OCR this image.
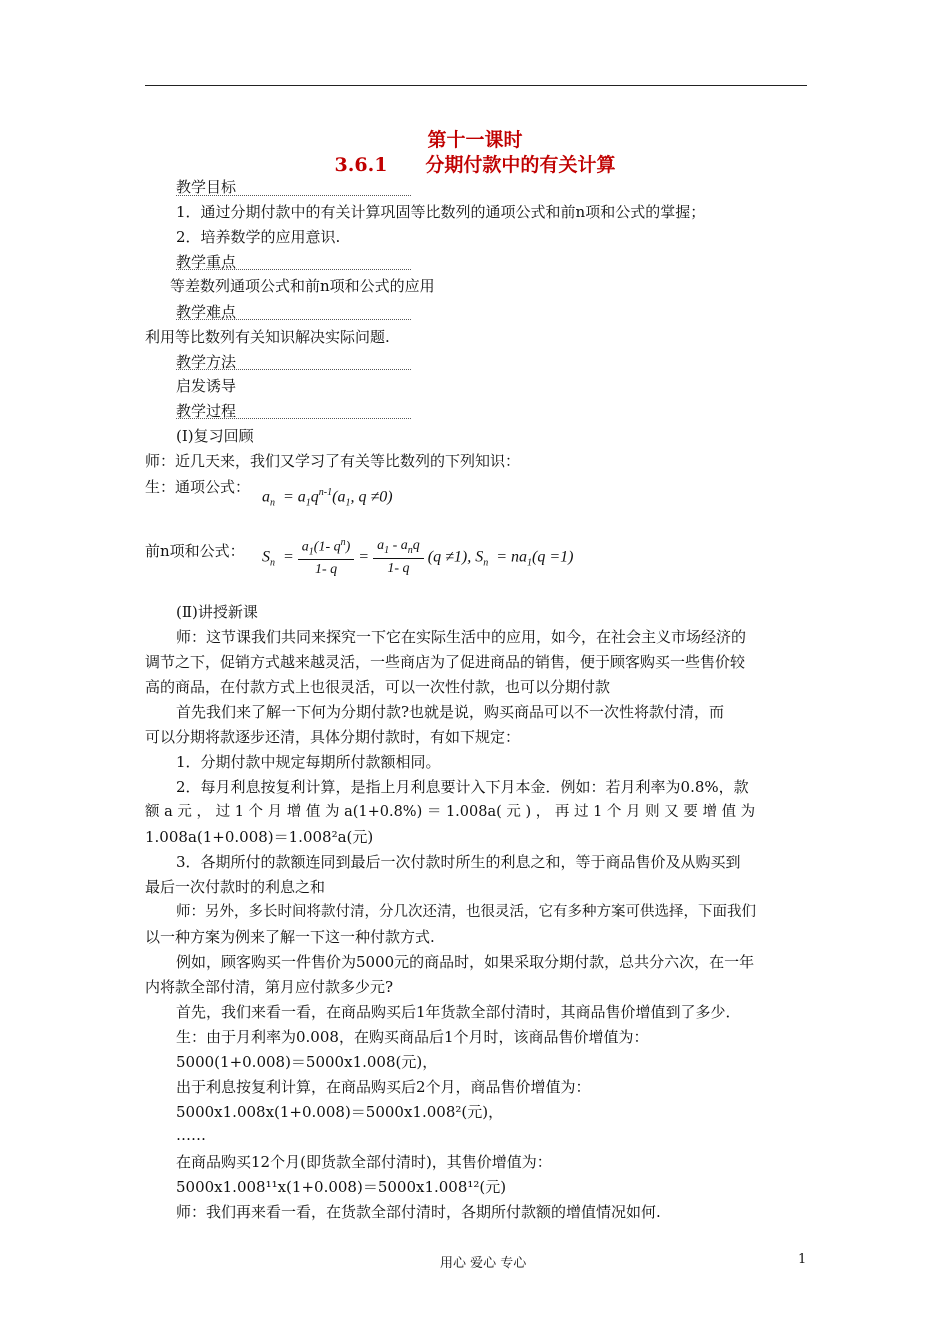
第十一课时
3.6.1　　分期付款中的有关计算
教学目标
1．通过分期付款中的有关计算巩固等比数列的通项公式和前n项和公式的掌握；
2．培养数学的应用意识.
教学重点
等差数列通项公式和前n项和公式的应用
教学难点
利用等比数列有关知识解决实际问题.
教学方法
启发诱导
教学过程
(Ⅰ)复习回顾
师：近几天来，我们又学习了有关等比数列的下列知识：
生：通项公式：
$a_n = a_1q^{n-1}(a_1$, q ≠0)
前n项和公式： $S_n = \frac{a_1(1- q^n)}{1- q} = \frac{a_1 - a_nq}{1- q} (q \ne 1)$, $S_n = na_1(q =1)$
(Ⅱ)讲授新课
师：这节课我们共同来探究一下它在实际生活中的应用，如今，在社会主义市场经济的
调节之下，促销方式越来越灵活，一些商店为了促进商品的销售，便于顾客购买一些售价较
高的商品，在付款方式上也很灵活，可以一次性付款，也可以分期付款
首先我们来了解一下何为分期付款?也就是说，购买商品可以不一次性将款付清，而
可以分期将款逐步还清，具体分期付款时，有如下规定：
1．分期付款中规定每期所付款额相同。
2．每月利息按复利计算，是指上月利息要计入下月本金．例如：若月利率为0.8%，款
额 a 元 ， 过 1 个 月 增 值 为 a(1+0.8%) ＝ 1.008a( 元 ) ， 再 过 1 个 月 则 又 要 增 值 为
1.008a(1+0.008)＝1.008²a(元)
3．各期所付的款额连同到最后一次付款时所生的利息之和，等于商品售价及从购买到
最后一次付款时的利息之和
师：另外，多长时间将款付清，分几次还清，也很灵活，它有多种方案可供选择，下面我们
以一种方案为例来了解一下这一种付款方式.
例如，顾客购买一件售价为5000元的商品时，如果采取分期付款，总共分六次，在一年
内将款全部付清，第月应付款多少元?
首先，我们来看一看，在商品购买后1年货款全部付清时，其商品售价增值到了多少．
生：由于月利率为0.008，在购买商品后1个月时，该商品售价增值为：
5000(1+0.008)＝5000x1.008(元)，
出于利息按复利计算，在商品购买后2个月，商品售价增值为：
5000x1.008x(1+0.008)＝5000x1.008²(元)，
……
在商品购买12个月(即货款全部付清时)，其售价增值为：
5000x1.008¹¹x(1+0.008)＝5000x1.008¹²(元)
师：我们再来看一看，在货款全部付清时，各期所付款额的增值情况如何.
用心 爱心 专心	1
